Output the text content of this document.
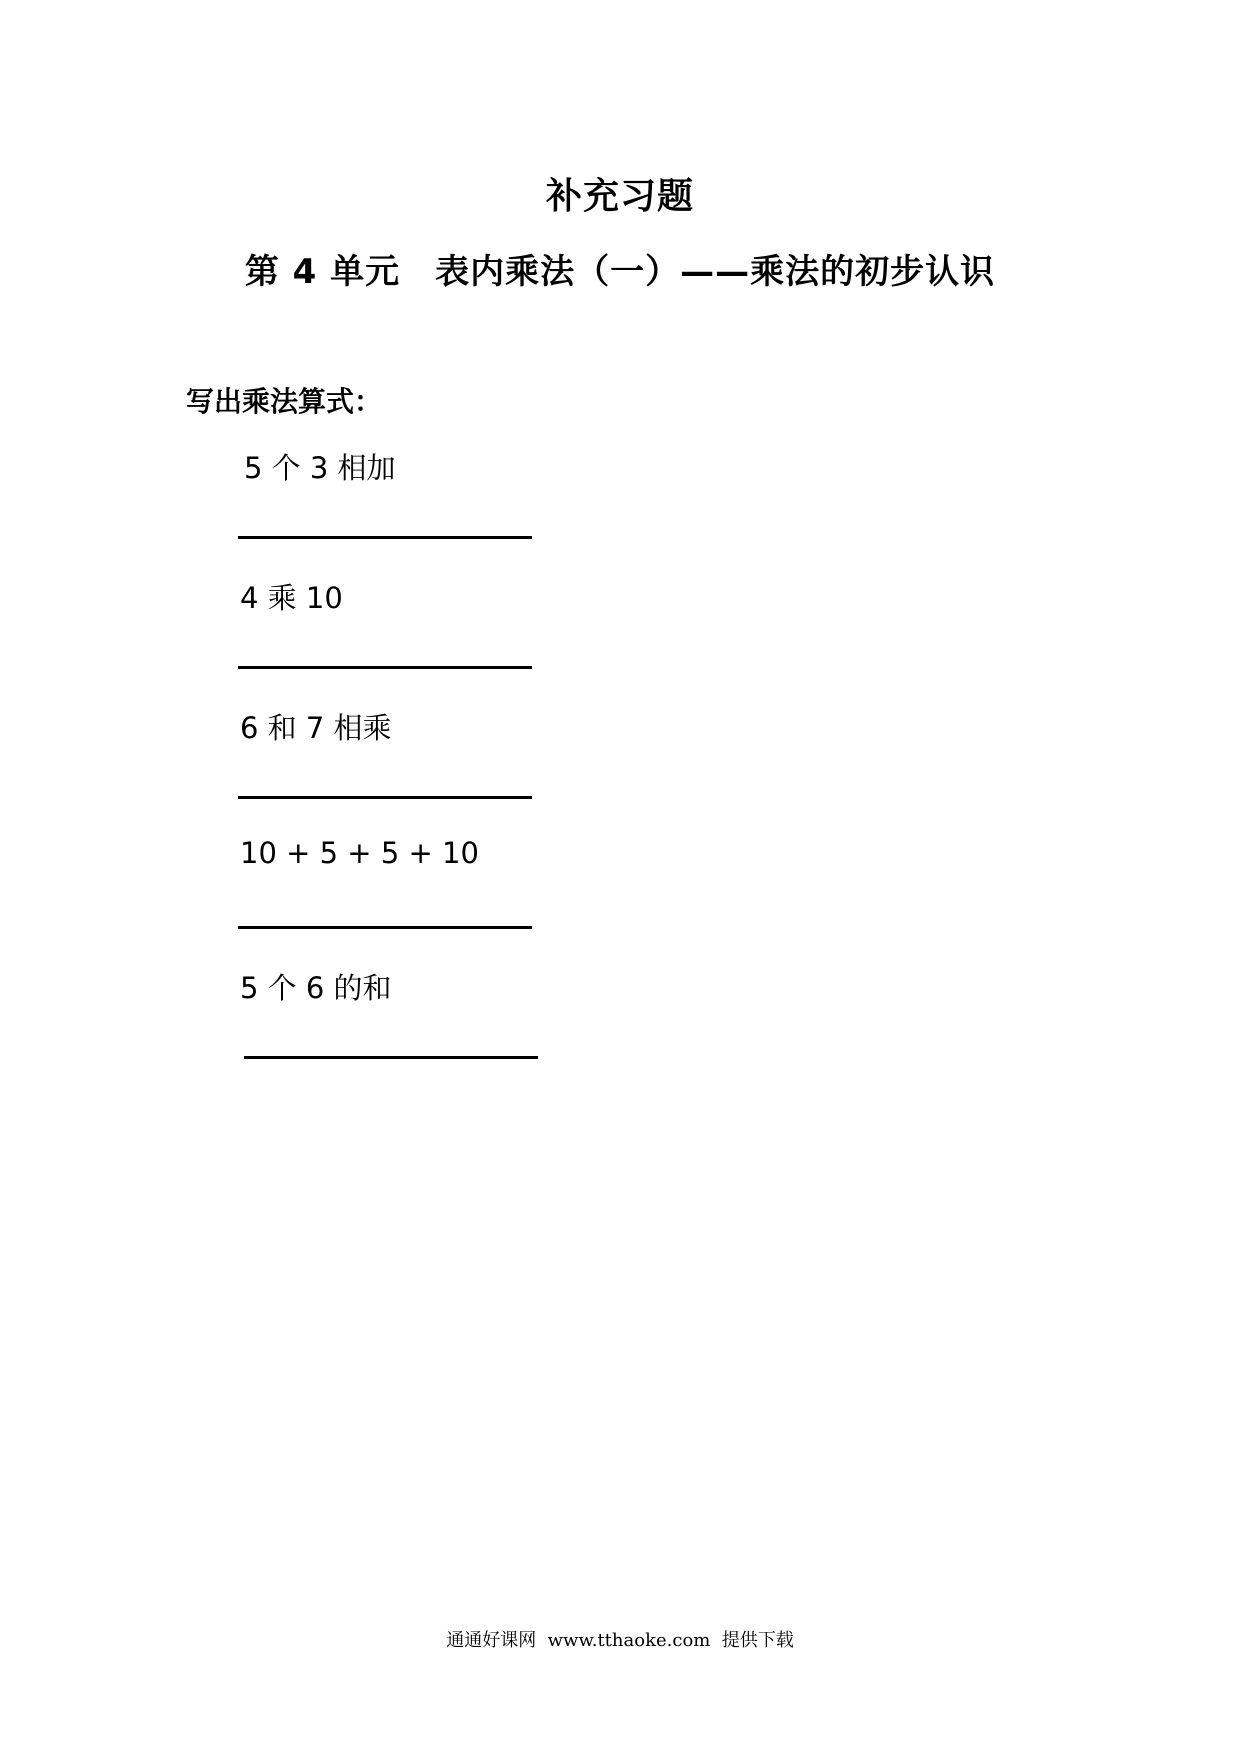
补充习题
第 4 单元　表内乘法（一）——乘法的初步认识
写出乘法算式：
5 个 3 相加
4 乘 10
6 和 7 相乘
10 + 5 + 5 + 10
5 个 6 的和
通通好课网  www.tthaoke.com  提供下载
